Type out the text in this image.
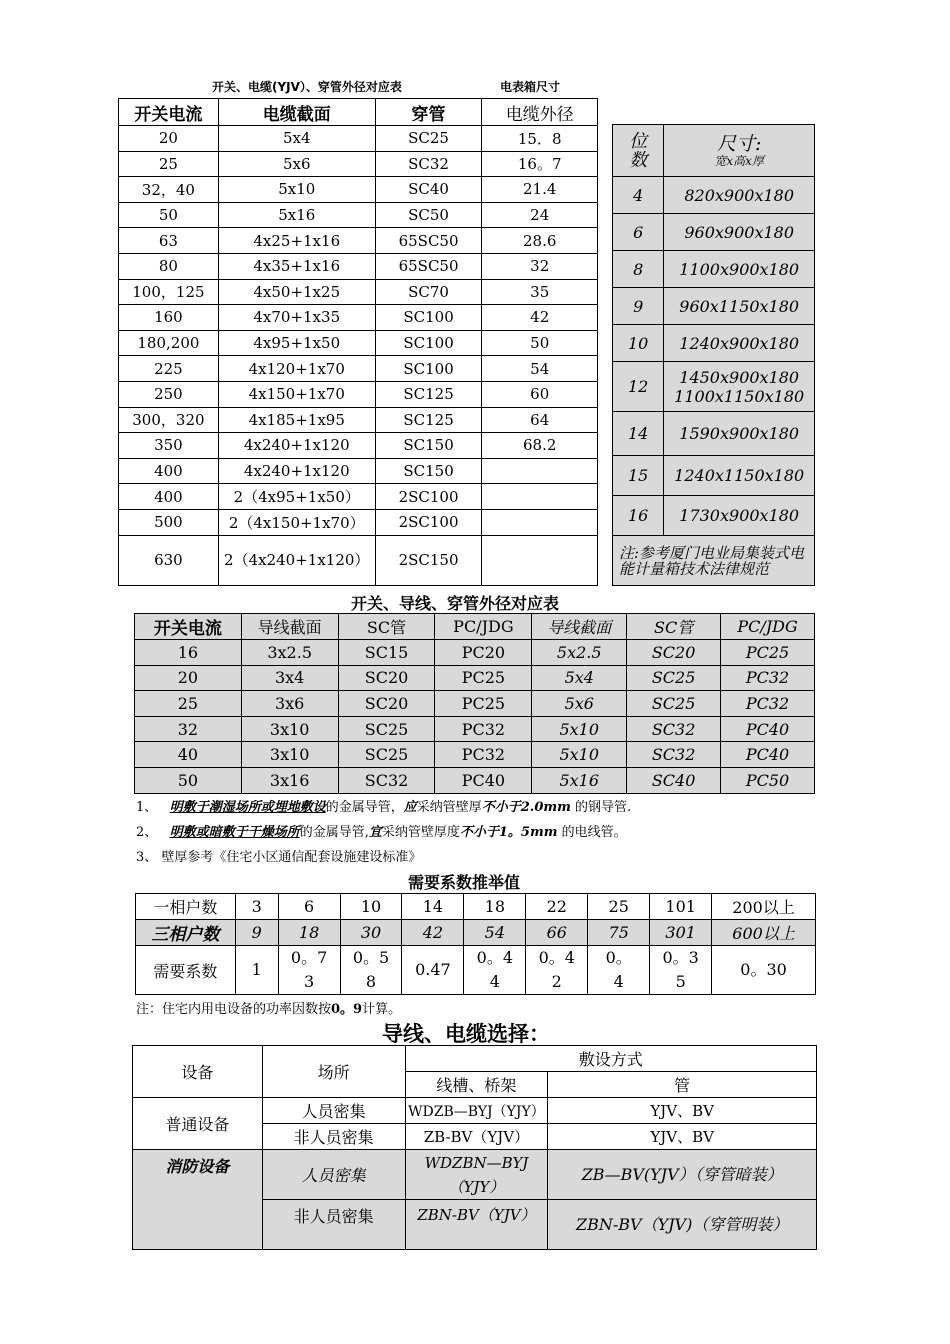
开关、电缆(YJV）、穿管外径对应表	电表箱尺寸
开关电流	电缆截面	穿管	电缆外径
20	5x4	SC25	15．8
25	5x6	SC32	16。7
32，40	5x10	SC40	21.4
50	5x16	SC50	24
63	4x25+1x16	65SC50	28.6
80	4x35+1x16	65SC50	32
100，125	4x50+1x25	SC70	35
160	4x70+1x35	SC100	42
180,200	4x95+1x50	SC100	50
225	4x120+1x70	SC100	54
250	4x150+1x70	SC125	60
300，320	4x185+1x95	SC125	64
350	4x240+1x120	SC150	68.2
400	4x240+1x120	SC150	
400	2（4x95+1x50）	2SC100	
500	2（4x150+1x70）	2SC100	
630	2（4x240+1x120）	2SC150	
位数	尺寸:
宽x高x厚

4	820x900x180
6	960x900x180
8	1100x900x180
9	960x1150x180
10	1240x900x180
12	1450x900x180
1100x1150x180
14	1590x900x180
15	1240x1150x180
16	1730x900x180
注:参考厦门电业局集装式电能计量箱技术法律规范	
开关、导线、穿管外径对应表
开关电流	导线截面	SC管	PC/JDG	导线截面	SC管	PC/JDG
16	3x2.5	SC15	PC20	5x2.5	SC20	PC25
20	3x4	SC20	PC25	5x4	SC25	PC32
25	3x6	SC20	PC25	5x6	SC25	PC32
32	3x10	SC25	PC32	5x10	SC32	PC40
40	3x10	SC25	PC32	5x10	SC32	PC40
50	3x16	SC32	PC40	5x16	SC40	PC50
1、 明敷于潮湿场所或埋地敷设的金属导管，应采纳管壁厚不小于2.0mm 的钢导管.
2、 明敷或暗敷于干燥场所的金属导管,宜采纳管壁厚度不小于1。5mm 的电线管。
3、 壁厚参考《住宅小区通信配套设施建设标准》
需要系数推举值
一相户数	3	6	10	14	18	22	25	101	200以上
三相户数	9	18	30	42	54	66	75	301	600以上
需要系数	1	0。73	0。58	0.47	0。44	0。42	0。4	0。35	0。30
注：住宅内用电设备的功率因数按0。9计算。
导线、电缆选择：
设备	场所	敷设方式	
		线槽、桥架	管
普通设备	人员密集	WDZB—BYJ（YJY）	YJV、BV
	非人员密集	ZB-BV（YJV）	YJV、BV
消防设备	人员密集	WDZBN—BYJ（YJY）	ZB—BV(YJV）（穿管暗装）
	非人员密集	ZBN-BV（YJV）	ZBN-BV（YJV)（穿管明装）
